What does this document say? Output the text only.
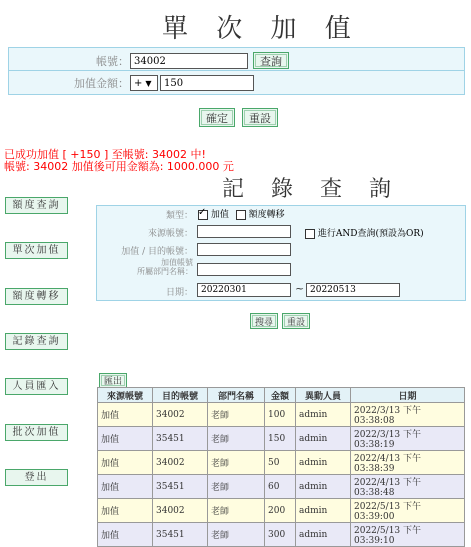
單 次 加 值
帳號： 34002	查詢
加值金額： + ▼	150
確定	重設
已成功加值 [ +150 ] 至帳號: 34002 中!
帳號: 34002 加值後可用金額為: 1000.000 元
額度查詢
單次加值
額度轉移
記錄查詢
人員匯入
批次加值
登出
記 錄 查 詢
類型： ✓	加值 額度轉移
來源帳號：	進行AND查詢(預設為OR)
加值 / 目的帳號：
加值帳號
所屬部門名稱：
日期： 20220301	~ 20220513
搜尋	重設
匯出
來源帳號	目的帳號	部門名稱	金額	異動人員	日期
加值	34002	老師	100	admin	2022/3/13 下午 03:38:08
加值	35451	老師	150	admin	2022/3/13 下午 03:38:19
加值	34002	老師	50	admin	2022/4/13 下午 03:38:39
加值	35451	老師	60	admin	2022/4/13 下午 03:38:48
加值	34002	老師	200	admin	2022/5/13 下午 03:39:00
加值	35451	老師	300	admin	2022/5/13 下午 03:39:10
